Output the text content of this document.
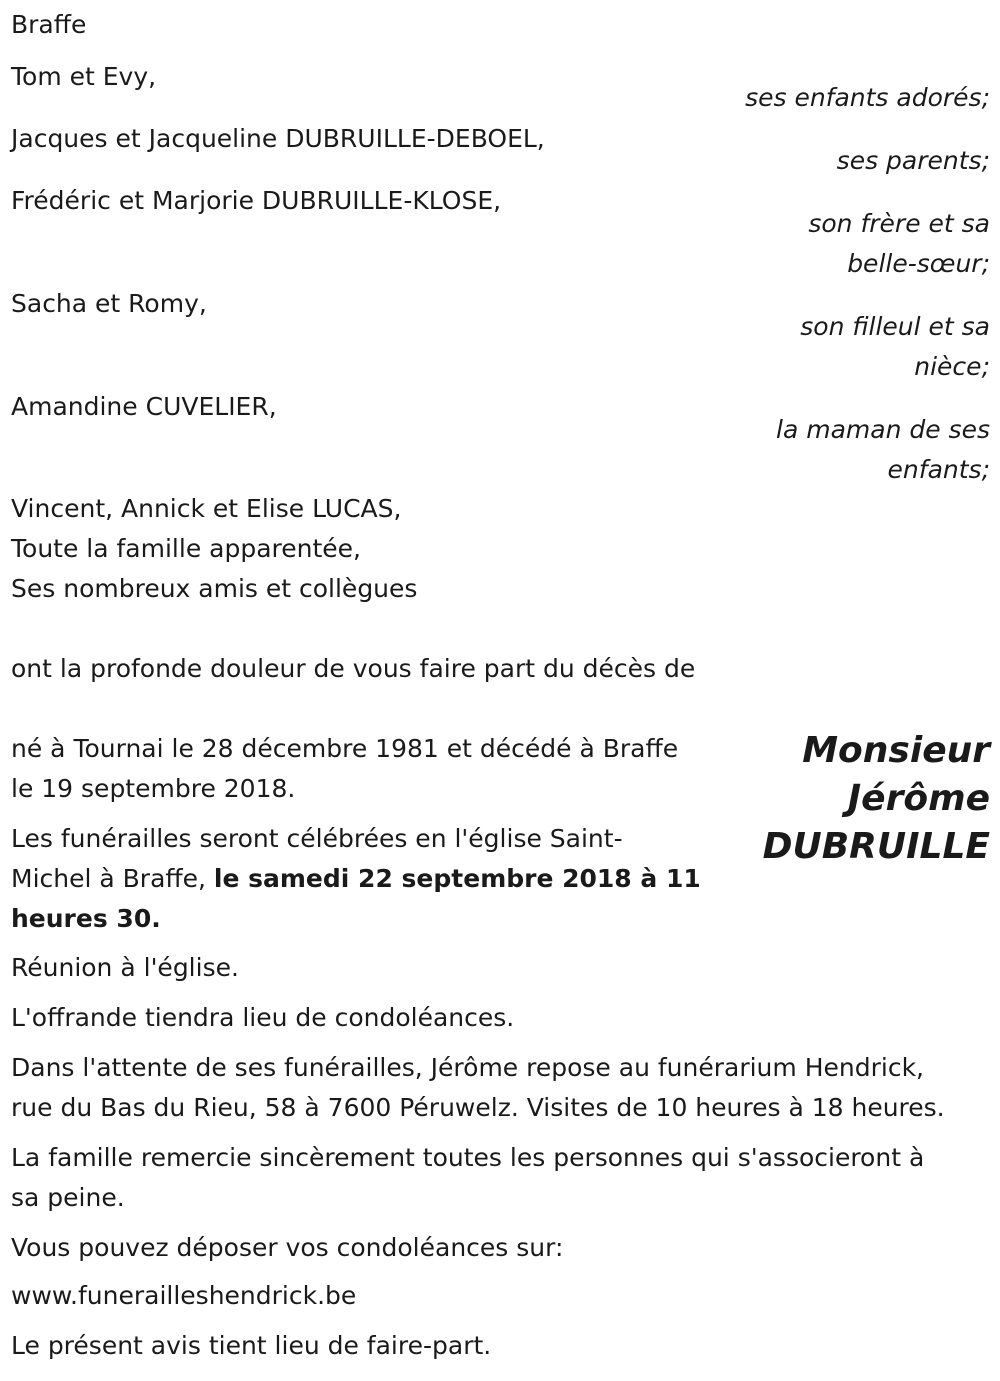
Braffe
Tom et Evy,
ses enfants adorés;
Jacques et Jacqueline DUBRUILLE-DEBOEL,
ses parents;
Frédéric et Marjorie DUBRUILLE-KLOSE,
son frère et sa
belle-sœur;
Sacha et Romy,
son filleul et sa
nièce;
Amandine CUVELIER,
la maman de ses
enfants;
Vincent, Annick et Elise LUCAS,
Toute la famille apparentée,
Ses nombreux amis et collègues
ont la profonde douleur de vous faire part du décès de
Monsieur
Jérôme
DUBRUILLE
né à Tournai le 28 décembre 1981 et décédé à Braffe
le 19 septembre 2018.
Les funérailles seront célébrées en l'église Saint-
Michel à Braffe, le samedi 22 septembre 2018 à 11
heures 30.
Réunion à l'église.
L'offrande tiendra lieu de condoléances.
Dans l'attente de ses funérailles, Jérôme repose au funérarium Hendrick,
rue du Bas du Rieu, 58 à 7600 Péruwelz. Visites de 10 heures à 18 heures.
La famille remercie sincèrement toutes les personnes qui s'associeront à
sa peine.
Vous pouvez déposer vos condoléances sur:
www.funerailleshendrick.be
Le présent avis tient lieu de faire-part.
